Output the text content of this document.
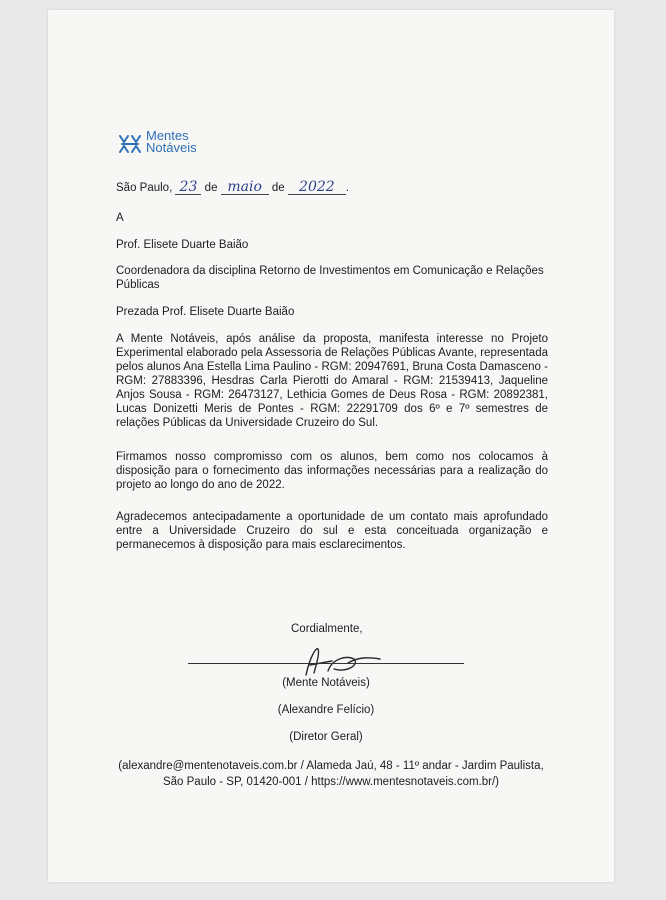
Mentes
Notáveis
São Paulo, 23 de maio de 2022 .
A
Prof. Elisete Duarte Baião
Coordenadora da disciplina Retorno de Investimentos em Comunicação e Relações Públicas
Prezada Prof. Elisete Duarte Baião
A Mente Notáveis, após análise da proposta, manifesta interesse no Projeto Experimental elaborado pela Assessoria de Relações Públicas Avante, representada pelos alunos Ana Estella Lima Paulino - RGM: 20947691, Bruna Costa Damasceno - RGM: 27883396, Hesdras Carla Pierotti do Amaral - RGM: 21539413, Jaqueline Anjos Sousa - RGM: 26473127, Lethicia Gomes de Deus Rosa - RGM: 20892381, Lucas Donizetti Meris de Pontes - RGM: 22291709 dos 6º e 7º semestres de relações Públicas da Universidade Cruzeiro do Sul.
Firmamos nosso compromisso com os alunos, bem como nos colocamos à disposição para o fornecimento das informações necessárias para a realização do projeto ao longo do ano de 2022.
Agradecemos antecipadamente a oportunidade de um contato mais aprofundado entre a Universidade Cruzeiro do sul e esta conceituada organização e permanecemos à disposição para mais esclarecimentos.
Cordialmente,
(Mente Notáveis)
(Alexandre Felício)
(Diretor Geral)
(alexandre@mentenotaveis.com.br / Alameda Jaú, 48 - 11º andar - Jardim Paulista,
São Paulo - SP, 01420-001 / https://www.mentesnotaveis.com.br/)
